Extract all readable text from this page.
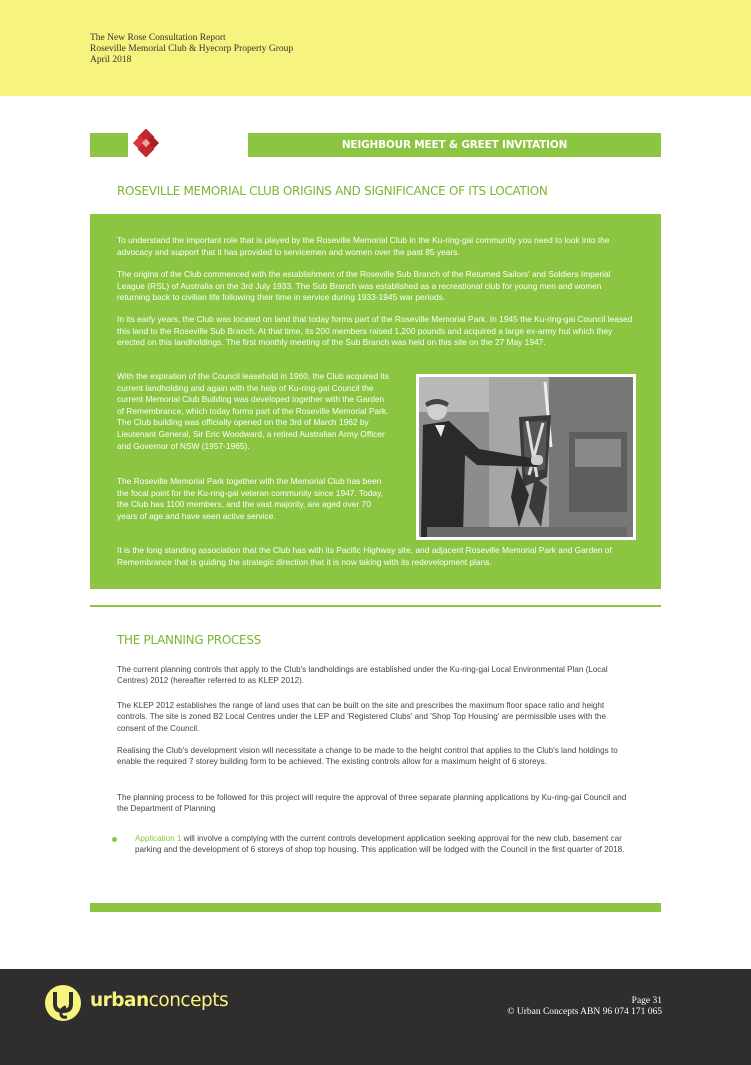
The New Rose Consultation Report
Roseville Memorial Club & Hyecorp Property Group
April 2018
NEIGHBOUR MEET & GREET INVITATION
ROSEVILLE MEMORIAL CLUB ORIGINS AND SIGNIFICANCE OF ITS LOCATION

To understand the important role that is played by the Roseville Memorial Club in the Ku-ring-gai community you need to look into the advocacy and support that it has provided to servicemen and women over the past 85 years.

The origins of the Club commenced with the establishment of the Roseville Sub Branch of the Returned Sailors' and Soldiers Imperial League (RSL) of Australia on the 3rd July 1933. The Sub Branch was established as a recreational club for young men and women returning back to civilian life following their time in service during 1933-1945 war periods.

In its early years, the Club was located on land that today forms part of the Roseville Memorial Park. In 1945 the Ku-ring-gai Council leased this land to the Roseville Sub Branch. At that time, its 200 members raised 1,200 pounds and acquired a large ex-army hut which they erected on this landholdings. The first monthly meeting of the Sub Branch was held on this site on the 27 May 1947.

With the expiration of the Council leasehold in 1960, the Club acquired its current landholding and again with the help of Ku-ring-gai Council the current Memorial Club Building was developed together with the Garden of Remembrance, which today forms part of the Roseville Memorial Park. The Club building was officially opened on the 3rd of March 1962 by Lieutenant General, Sir Eric Woodward, a retired Australian Army Officer and Governor of NSW (1957-1965).

The Roseville Memorial Park together with the Memorial Club has been the focal point for the Ku-ring-gai veteran community since 1947. Today, the Club has 1100 members, and the vast majority, are aged over 70 years of age and have seen active service.

It is the long standing association that the Club has with its Pacific Highway site, and adjacent Roseville Memorial Park and Garden of Remembrance that is guiding the strategic direction that it is now taking with its redevelopment plans.

THE PLANNING PROCESS

The current planning controls that apply to the Club's landholdings are established under the Ku-ring-gai Local Environmental Plan (Local Centres) 2012 (hereafter referred to as KLEP 2012).

The KLEP 2012 establishes the range of land uses that can be built on the site and prescribes the maximum floor space ratio and height controls. The site is zoned B2 Local Centres under the LEP and 'Registered Clubs' and 'Shop Top Housing' are permissible uses with the consent of the Council.

Realising the Club's development vision will necessitate a change to be made to the height control that applies to the Club's land holdings to enable the required 7 storey building form to be achieved. The existing controls allow for a maximum height of 6 storeys.

The planning process to be followed for this project will require the approval of three separate planning applications by Ku-ring-gai Council and the Department of Planning

Application 1 will involve a complying with the current controls development application seeking approval for the new club, basement car parking and the development of 6 storeys of shop top housing. This application will be lodged with the Council in the first quarter of 2018.

urbanconcepts	Page 31
© Urban Concepts ABN 96 074 171 065
